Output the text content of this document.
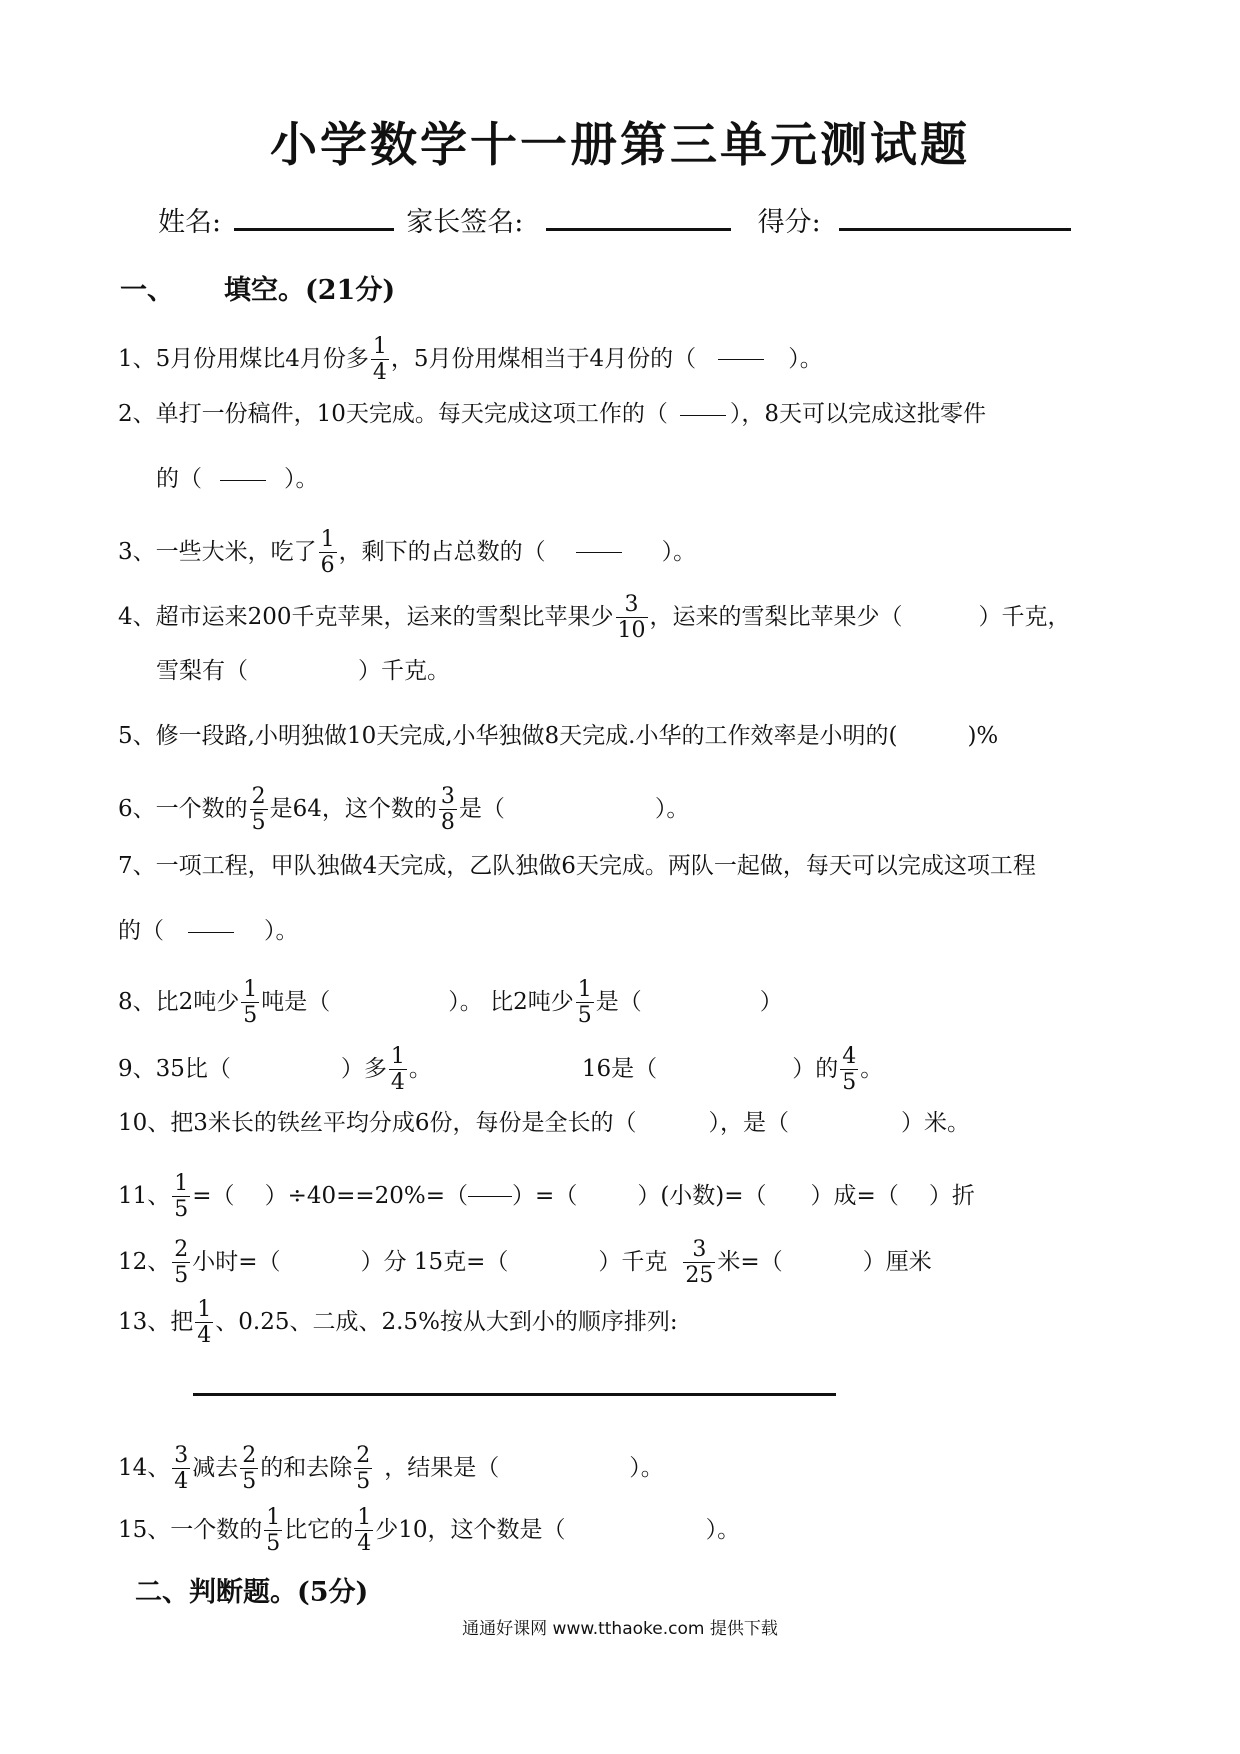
小学数学十一册第三单元测试题
姓名:	家长签名:	得分:
一、 填空。(21分)
1、5月份用煤比4月份多 $\frac{1}{4}$ ，5月份用煤相当于4月份的（	）。
2、单打一份稿件，10天完成。每天完成这项工作的（	），8天可以完成这批零件
的（	）。
3、一些大米，吃了 $\frac{1}{6}$ ，剩下的占总数的（	）。
4、超市运来200千克苹果，运来的雪梨比苹果少 $\frac{3}{10}$ ，运来的雪梨比苹果少（	）千克，
雪梨有（	）千克。
5、修一段路,小明独做10天完成,小华独做8天完成.小华的工作效率是小明的(	)%
6、一个数的 $\frac{2}{5}$ 是64，这个数的 $\frac{3}{8}$ 是（	）。
7、一项工程，甲队独做4天完成，乙队独做6天完成。两队一起做，每天可以完成这项工程
的（	）。
8、比2吨少 $\frac{1}{5}$ 吨是（	）。 比2吨少 $\frac{1}{5}$ 是（	）
9、35比（	）多 $\frac{1}{4}$ 。	16是（	）的 $\frac{4}{5}$ 。
10、把3米长的铁丝平均分成6份，每份是全长的（	），是（	）米。
11、 $\frac{1}{5}$ =（ ）÷40==20%=（ ）=（	）(小数)=（ ）成=（ ）折
12、 $\frac{2}{5}$ 小时=（	）分 15克=（	）千克 $\frac{3}{25}$ 米=（	）厘米
13、把 $\frac{1}{4}$ 、0.25、二成、2.5%按从大到小的顺序排列:
14、 $\frac{3}{4}$ 减去 $\frac{2}{5}$ 的和去除 $\frac{2}{5}$ ，结果是（	）。
15、一个数的 $\frac{1}{5}$ 比它的 $\frac{1}{4}$ 少10，这个数是（	）。
二、判断题。(5分)
通通好课网 www.tthaoke.com 提供下载
